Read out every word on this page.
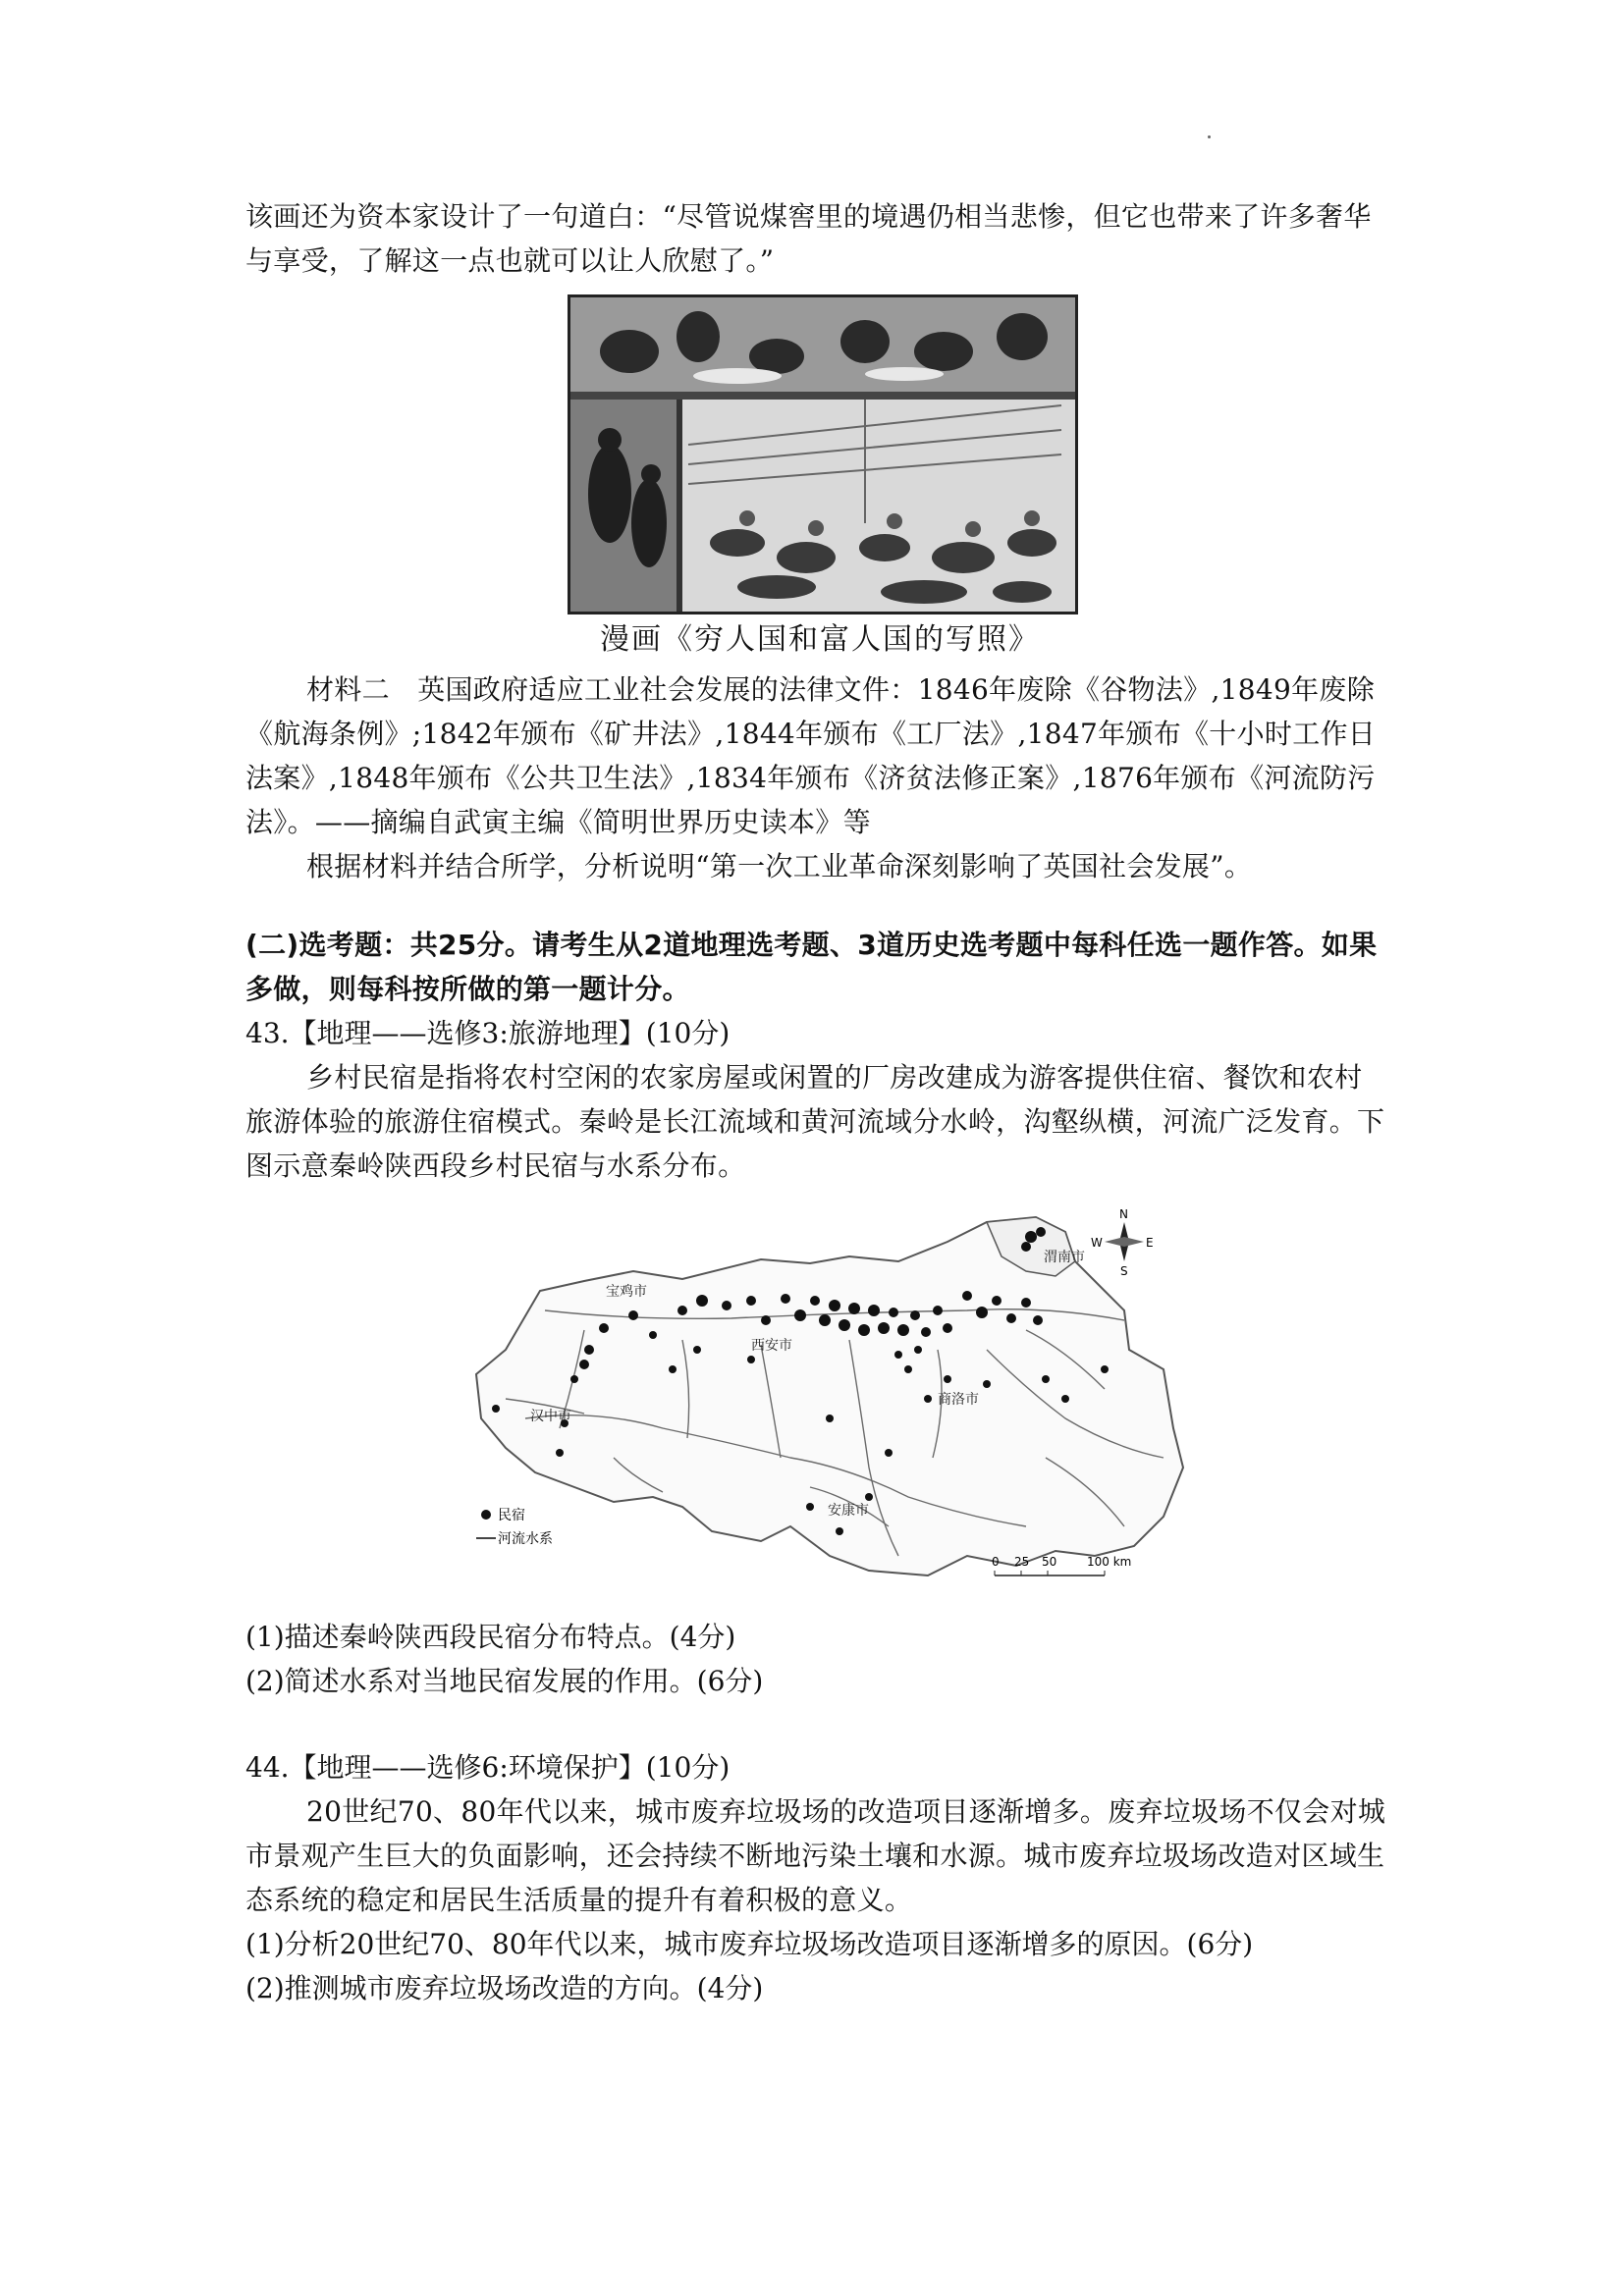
该画还为资本家设计了一句道白：“尽管说煤窖里的境遇仍相当悲惨，但它也带来了许多奢华与享受，了解这一点也就可以让人欣慰了。”

漫画《穷人国和富人国的写照》

材料二　英国政府适应工业社会发展的法律文件：1846年废除《谷物法》,1849年废除《航海条例》;1842年颁布《矿井法》,1844年颁布《工厂法》,1847年颁布《十小时工作日法案》,1848年颁布《公共卫生法》,1834年颁布《济贫法修正案》,1876年颁布《河流防污法》。——摘编自武寅主编《简明世界历史读本》等

根据材料并结合所学，分析说明“第一次工业革命深刻影响了英国社会发展”。

(二)选考题：共25分。请考生从2道地理选考题、3道历史选考题中每科任选一题作答。如果多做，则每科按所做的第一题计分。

43.【地理——选修3:旅游地理】(10分)

乡村民宿是指将农村空闲的农家房屋或闲置的厂房改建成为游客提供住宿、餐饮和农村旅游体验的旅游住宿模式。秦岭是长江流域和黄河流域分水岭，沟壑纵横，河流广泛发育。下图示意秦岭陕西段乡村民宿与水系分布。

宝鸡市
西安市
渭南市
汉中市
商洛市
安康市
N
S
W	E
民宿
河流水系
0 25 50	100 km

(1)描述秦岭陕西段民宿分布特点。(4分)

(2)简述水系对当地民宿发展的作用。(6分)

44.【地理——选修6:环境保护】(10分)

20世纪70、80年代以来，城市废弃垃圾场的改造项目逐渐增多。废弃垃圾场不仅会对城市景观产生巨大的负面影响，还会持续不断地污染土壤和水源。城市废弃垃圾场改造对区域生态系统的稳定和居民生活质量的提升有着积极的意义。

(1)分析20世纪70、80年代以来，城市废弃垃圾场改造项目逐渐增多的原因。(6分)

(2)推测城市废弃垃圾场改造的方向。(4分)
